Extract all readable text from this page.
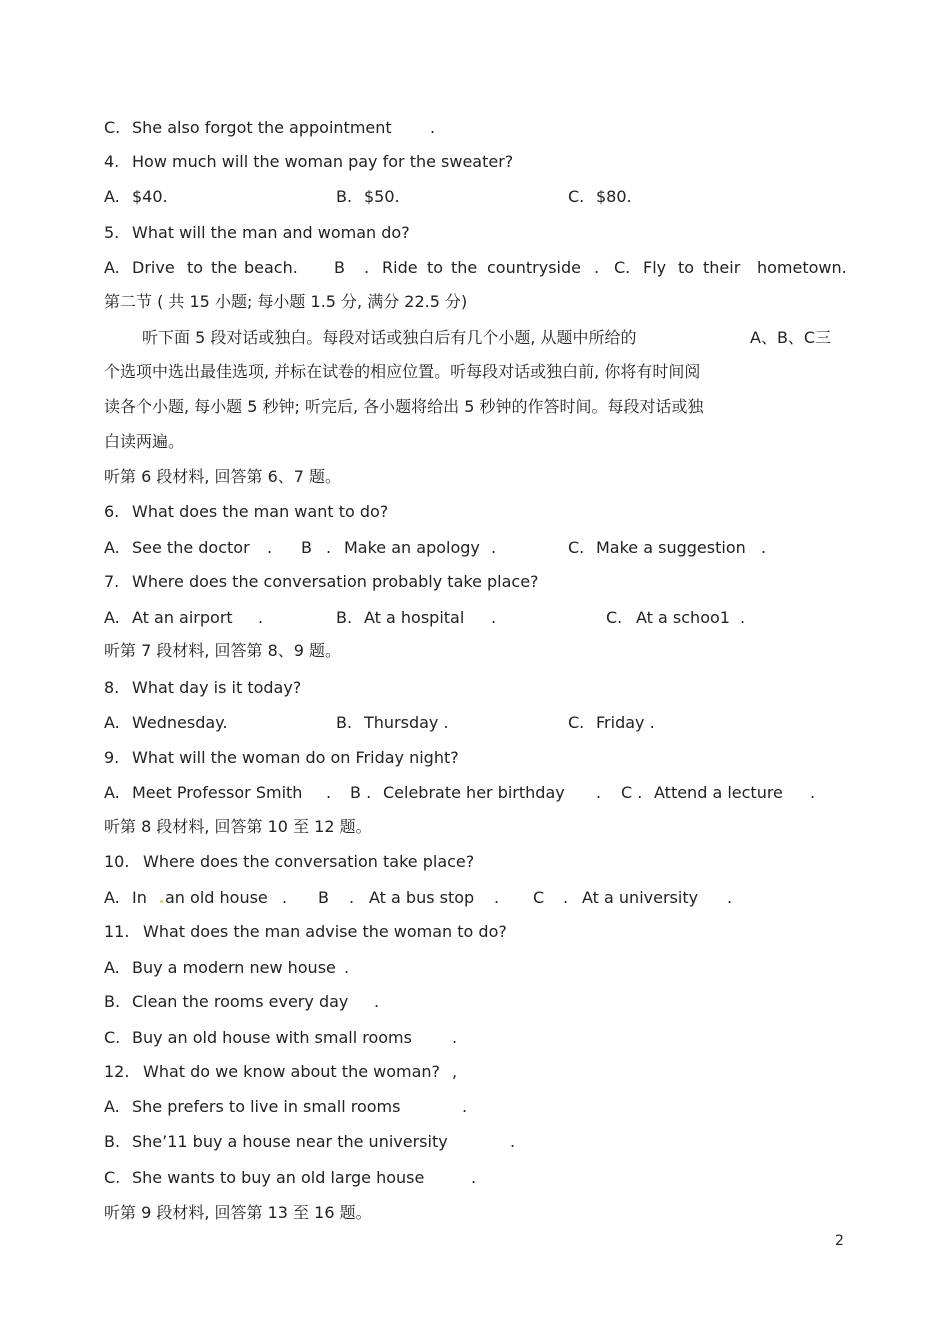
C. She also forgot the appointment .
4. How much will the woman pay for the sweater?
A. $40.	B. $50.	C. $80.
5. What will the man and woman do?
A. Drive to the beach. B . Ride to the countryside . C. Fly to their hometown.
第二节 ( 共 15 小题; 每小题 1.5 分, 满分 22.5 分)
听下面 5 段对话或独白。每段对话或独白后有几个小题, 从题中所给的	A、B、C三
个选项中选出最佳选项, 并标在试卷的相应位置。听每段对话或独白前, 你将有时间阅
读各个小题, 每小题 5 秒钟; 听完后, 各小题将给出 5 秒钟的作答时间。每段对话或独
白读两遍。
听第 6 段材料, 回答第 6、7 题。
6. What does the man want to do?
A. See the doctor . B . Make an apology .	C. Make a suggestion .
7. Where does the conversation probably take place?
A. At an airport .	B. At a hospital .	C. At a schoo1 .
听第 7 段材料, 回答第 8、9 题。
8. What day is it today?
A. Wednesday.	B. Thursday .	C. Friday .
9. What will the woman do on Friday night?
A. Meet Professor Smith . B . Celebrate her birthday . C . Attend a lecture .
听第 8 段材料, 回答第 10 至 12 题。
10. Where does the conversation take place?
A. In an old house . B . At a bus stop . C . At a university .
11. What does the man advise the woman to do?
A. Buy a modern new house .
B. Clean the rooms every day .
C. Buy an old house with small rooms	.
12. What do we know about the woman? ,
A. She prefers to live in small rooms	.
B. She’11 buy a house near the university	.
C. She wants to buy an old large house	.
听第 9 段材料, 回答第 13 至 16 题。
2
